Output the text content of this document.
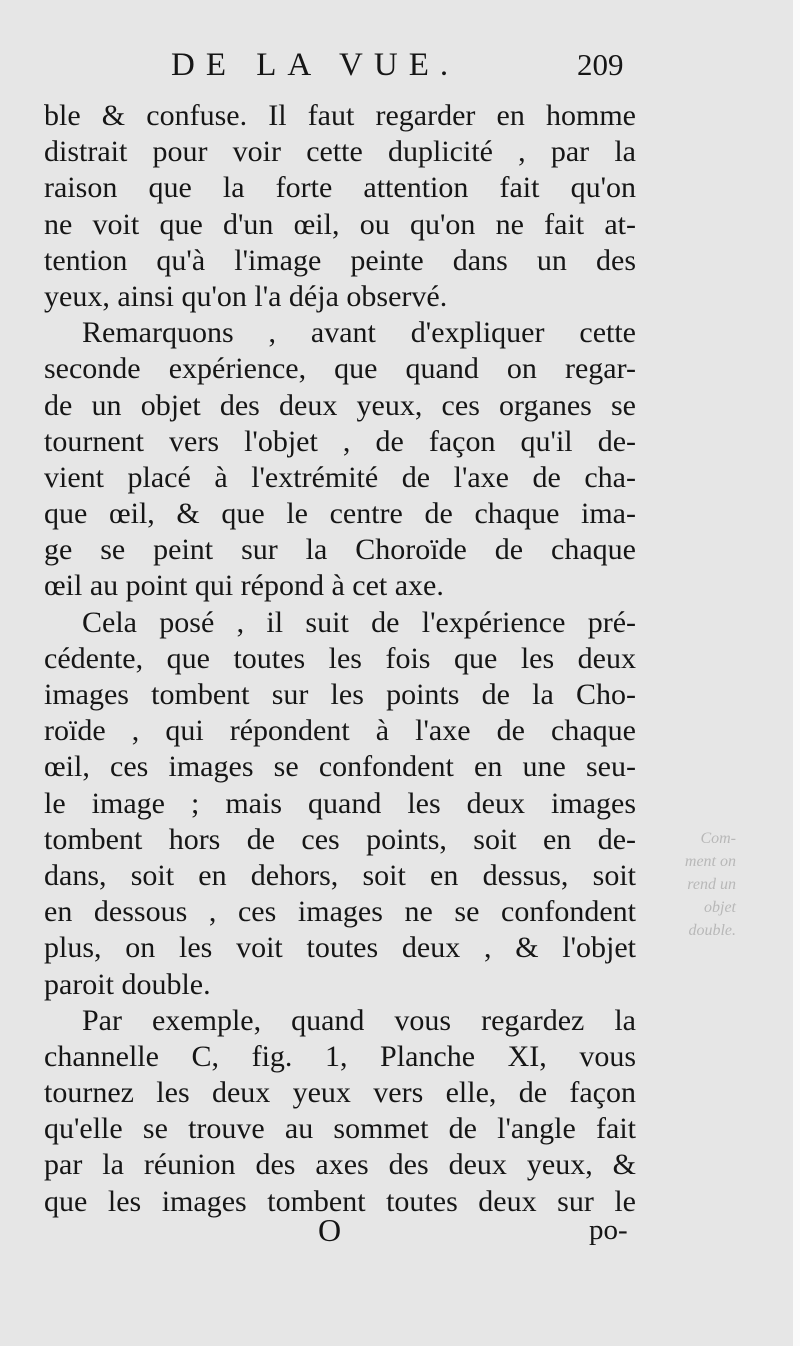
DE LA VUE.	209
ble & confuse. Il faut regarder en homme
distrait pour voir cette duplicité , par la
raison que la forte attention fait qu'on
ne voit que d'un œil, ou qu'on ne fait at-
tention qu'à l'image peinte dans un des
yeux, ainsi qu'on l'a déja observé.
Remarquons , avant d'expliquer cette
seconde expérience, que quand on regar-
de un objet des deux yeux, ces organes se
tournent vers l'objet , de façon qu'il de-
vient placé à l'extrémité de l'axe de cha-
que œil, & que le centre de chaque ima-
ge se peint sur la Choroïde de chaque
œil au point qui répond à cet axe.
Cela posé , il suit de l'expérience pré-
cédente, que toutes les fois que les deux
images tombent sur les points de la Cho-
roïde , qui répondent à l'axe de chaque
œil, ces images se confondent en une seu-
le image ; mais quand les deux images
tombent hors de ces points, soit en de-
dans, soit en dehors, soit en dessus, soit
en dessous , ces images ne se confondent
plus, on les voit toutes deux , & l'objet
paroit double.
Par exemple, quand vous regardez la
channelle C, fig. 1, Planche XI, vous
tournez les deux yeux vers elle, de façon
qu'elle se trouve au sommet de l'angle fait
par la réunion des axes des deux yeux, &
que les images tombent toutes deux sur le
Com-
ment on
rend un
objet
double.
O	po-
